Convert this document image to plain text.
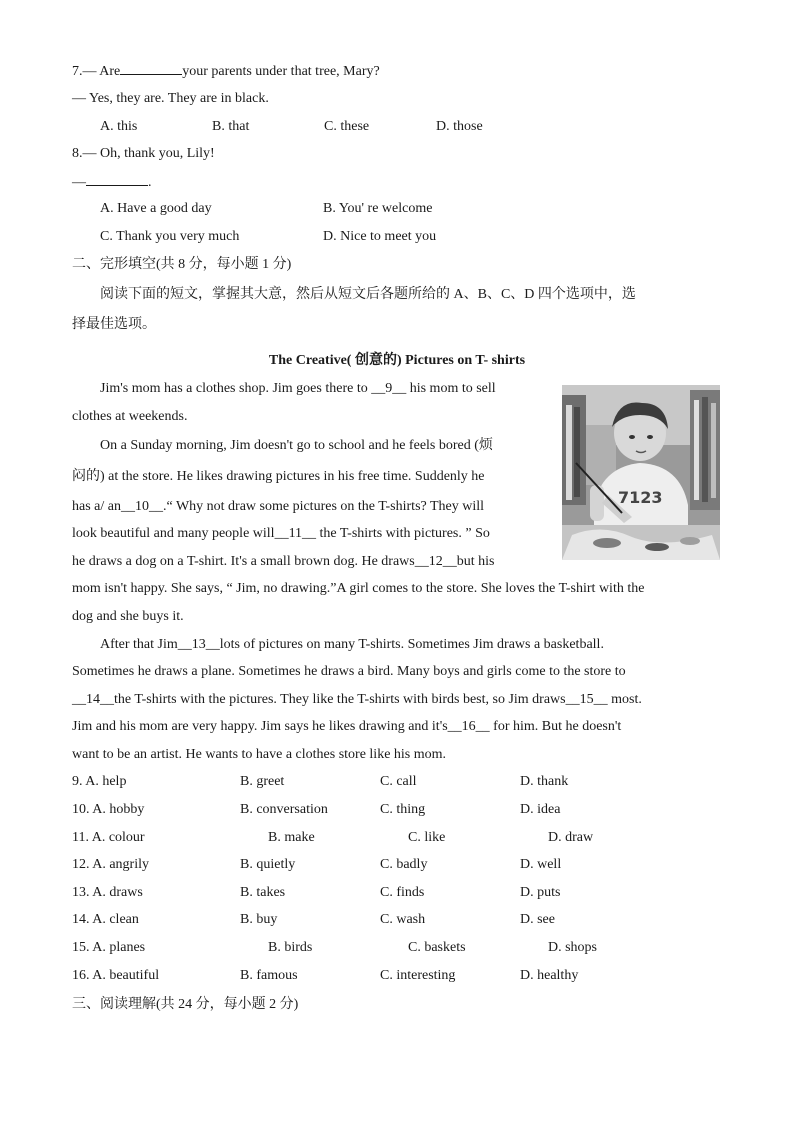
7.— Are	your parents under that tree, Mary?
— Yes, they are. They are in black.
A. this	B. that	C. these	D. those
8.— Oh, thank you, Lily!
—	.
A. Have a good day	B. You' re welcome
C. Thank you very much	D. Nice to meet you
二、完形填空(共 8 分，每小题 1 分)
阅读下面的短文，掌握其大意，然后从短文后各题所给的 A、B、C、D 四个选项中，选
择最佳选项。
The Creative( 创意的) Pictures on T- shirts
Jim's mom has a clothes shop. Jim goes there to __9__ his mom to sell
clothes at weekends.
On a Sunday morning, Jim doesn't go to school and he feels bored (烦
闷的) at the store. He likes drawing pictures in his free time. Suddenly he
has a/ an__10__.“ Why not draw some pictures on the T-shirts? They will
look beautiful and many people will__11__ the T-shirts with pictures. ” So
he draws a dog on a T-shirt. It's a small brown dog. He draws__12__but his
mom isn't happy. She says, “ Jim, no drawing.”A girl comes to the store. She loves the T-shirt with the
dog and she buys it.
After that Jim__13__lots of pictures on many T-shirts. Sometimes Jim draws a basketball.
Sometimes he draws a plane. Sometimes he draws a bird. Many boys and girls come to the store to
__14__the T-shirts with the pictures. They like the T-shirts with birds best, so Jim draws__15__ most.
Jim and his mom are very happy. Jim says he likes drawing and it's__16__ for him. But he doesn't
want to be an artist. He wants to have a clothes store like his mom.
7123
9. A. help	B. greet	C. call	D. thank
10. A. hobby	B. conversation	C. thing	D. idea
11. A. colour	B. make	C. like	D. draw
12. A. angrily	B. quietly	C. badly	D. well
13. A. draws	B. takes	C. finds	D. puts
14. A. clean	B. buy	C. wash	D. see
15. A. planes	B. birds	C. baskets	D. shops
16. A. beautiful	B. famous	C. interesting	D. healthy
三、阅读理解(共 24 分，每小题 2 分)
